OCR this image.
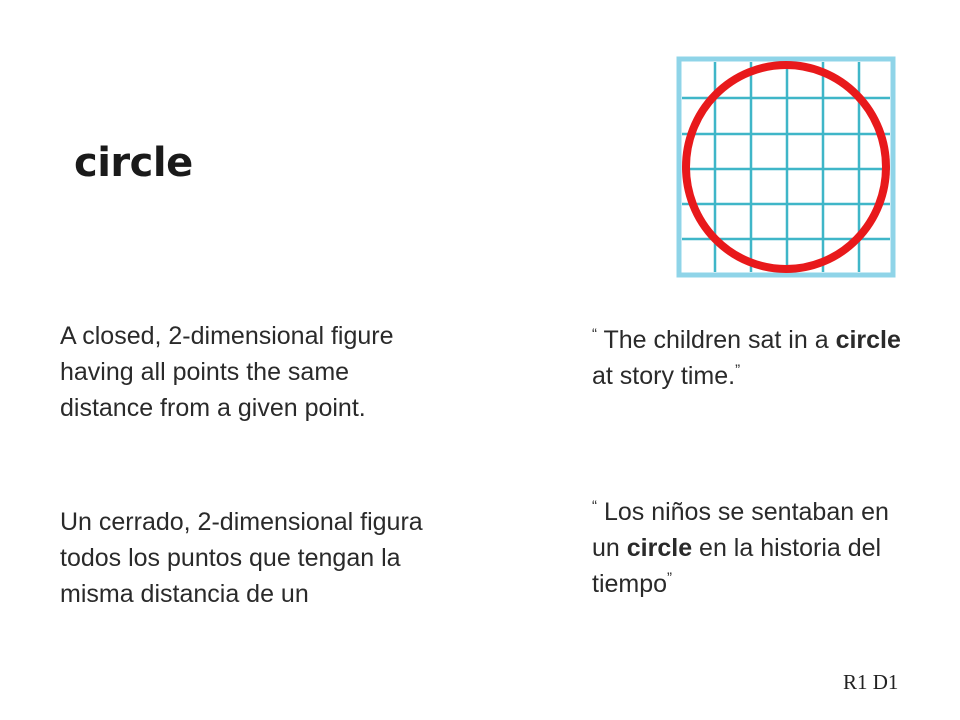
circle
A closed, 2-dimensional figure having all points the same distance from a given point.
Un cerrado, 2-dimensional figura todos los puntos que tengan la misma distancia de un
“ The children sat in a circle at story time.”
“ Los niños se sentaban en un circle en la historia del tiempo”
R1 D1
